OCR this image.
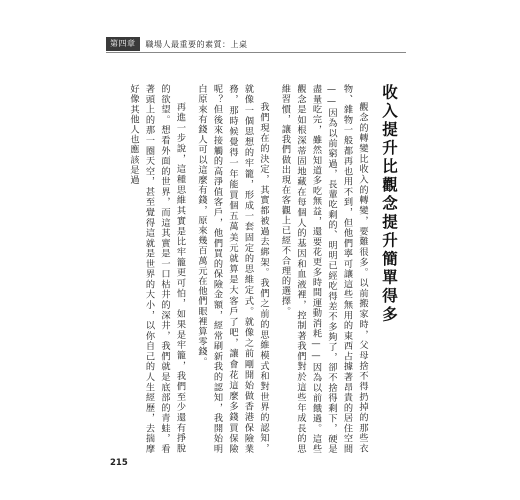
第四章	職場人最重要的素質：上桌
收入提升比觀念提升簡單得多

觀念的轉變比收入的轉變，要難很多。以前搬家時，父母捨不得扔掉的那些衣物、雜物一般都再也用不到，但他們寧可讓這些無用的東西占據著昂貴的居住空間——因為以前窮過，長輩吃剩的、明明已經吃得差不多夠了，卻不捨得剩下，硬是盡量吃完，雖然知道多吃無益，還要花更多時間運動消耗——因為以前餓過。這些觀念是如根深蒂固地藏在每個人的基因和血液裡，控制著我們對於這些年成長的思維習慣，讓我們做出現在客觀上已經不合理的選擇。

我們現在的決定，其實都被過去綁架。我們之前的思維模式和對世界的認知，就像一個思想的牢籠，形成一套固定的思維定式。就像之前剛開始做香港保險業務，那時候覺得一年能買個五萬美元就算是大客戶了吧，讓會花這麼多錢買保險呢？但後來接觸的高淨值客戶，他們買的保險金額，經常刷新我的認知，我開始明白原來有錢人可以這麼有錢，原來幾百萬元在他們眼裡算零錢。

再進一步說，這種思維其實是比牢籠更可怕，如果是牢籠，我們至少還有掙脫的欲望。想看外面的世界，而這其實是一口枯井的深井，我們就是底部的青蛙，看著頭上的那一圈天空，甚至覺得這就是世界的大小，以你自己的人生經歷，去揣摩好像其他人也應該是過

215
